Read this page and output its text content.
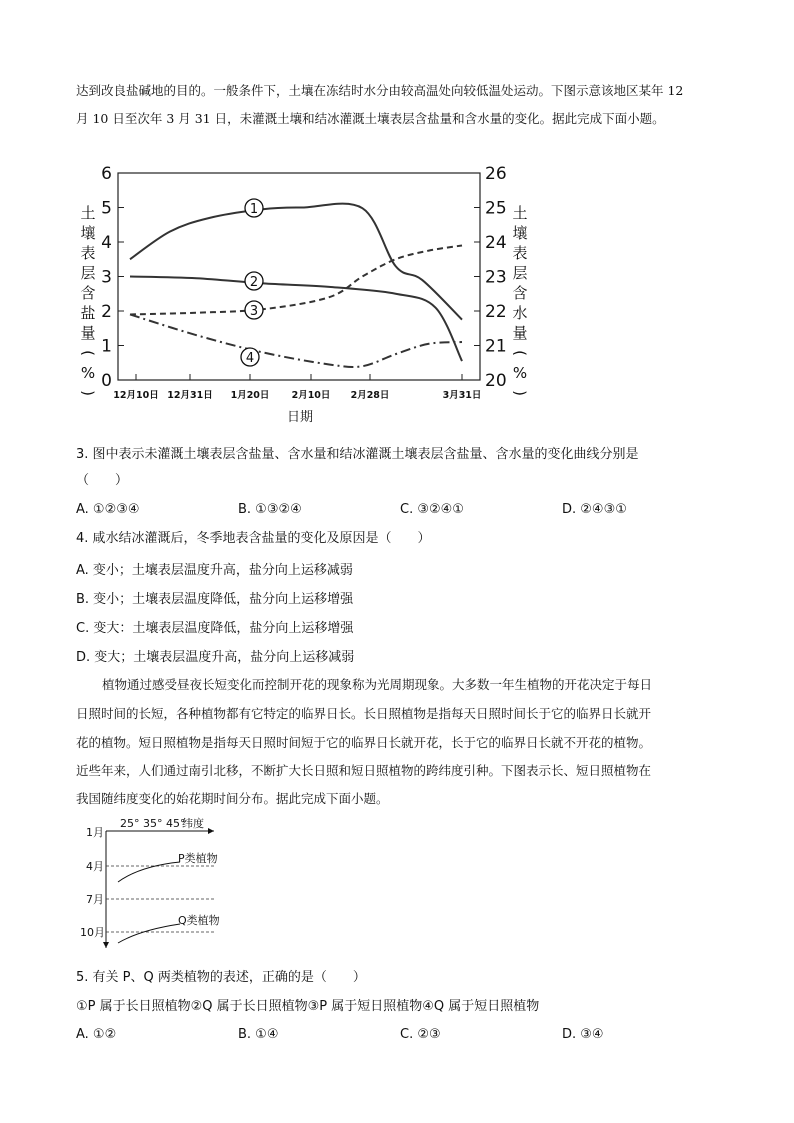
达到改良盐碱地的目的。一般条件下，土壤在冻结时水分由较高温处向较低温处运动。下图示意该地区某年 12

月 10 日至次年 3 月 31 日，未灌溉土壤和结冰灌溉土壤表层含盐量和含水量的变化。据此完成下面小题。

12月10日 12月31日 1月20日 2月10日 2月28日	3月31日
0
1
2
3
4
5
6
20
21
22
23
24
25
26
土
壤
表
层
含
盐
量
(
%
)
土
壤
表
层
含
水
量
(
%
)
1
2
3
4
日期

3. 图中表示未灌溉土壤表层含盐量、含水量和结冰灌溉土壤表层含盐量、含水量的变化曲线分别是

（　　）

A. ①②③④	B. ①③②④	C. ③②④①	D. ②④③①

4. 咸水结冰灌溉后，冬季地表含盐量的变化及原因是（　　）

A. 变小；土壤表层温度升高，盐分向上运移减弱
B. 变小；土壤表层温度降低，盐分向上运移增强
C. 变大：土壤表层温度降低，盐分向上运移增强
D. 变大；土壤表层温度升高，盐分向上运移减弱

植物通过感受昼夜长短变化而控制开花的现象称为光周期现象。大多数一年生植物的开花决定于每日

日照时间的长短，各种植物都有它特定的临界日长。长日照植物是指每天日照时间长于它的临界日长就开

花的植物。短日照植物是指每天日照时间短于它的临界日长就开花，长于它的临界日长就不开花的植物。

近些年来，人们通过南引北移，不断扩大长日照和短日照植物的跨纬度引种。下图表示长、短日照植物在

我国随纬度变化的始花期时间分布。据此完成下面小题。

1月
4月
7月
10月
25° 35° 45°
纬度
P类植物
Q类植物

5. 有关 P、Q 两类植物的表述，正确的是（　　）

①P 属于长日照植物②Q 属于长日照植物③P 属于短日照植物④Q 属于短日照植物

A. ①②	B. ①④	C. ②③	D. ③④
